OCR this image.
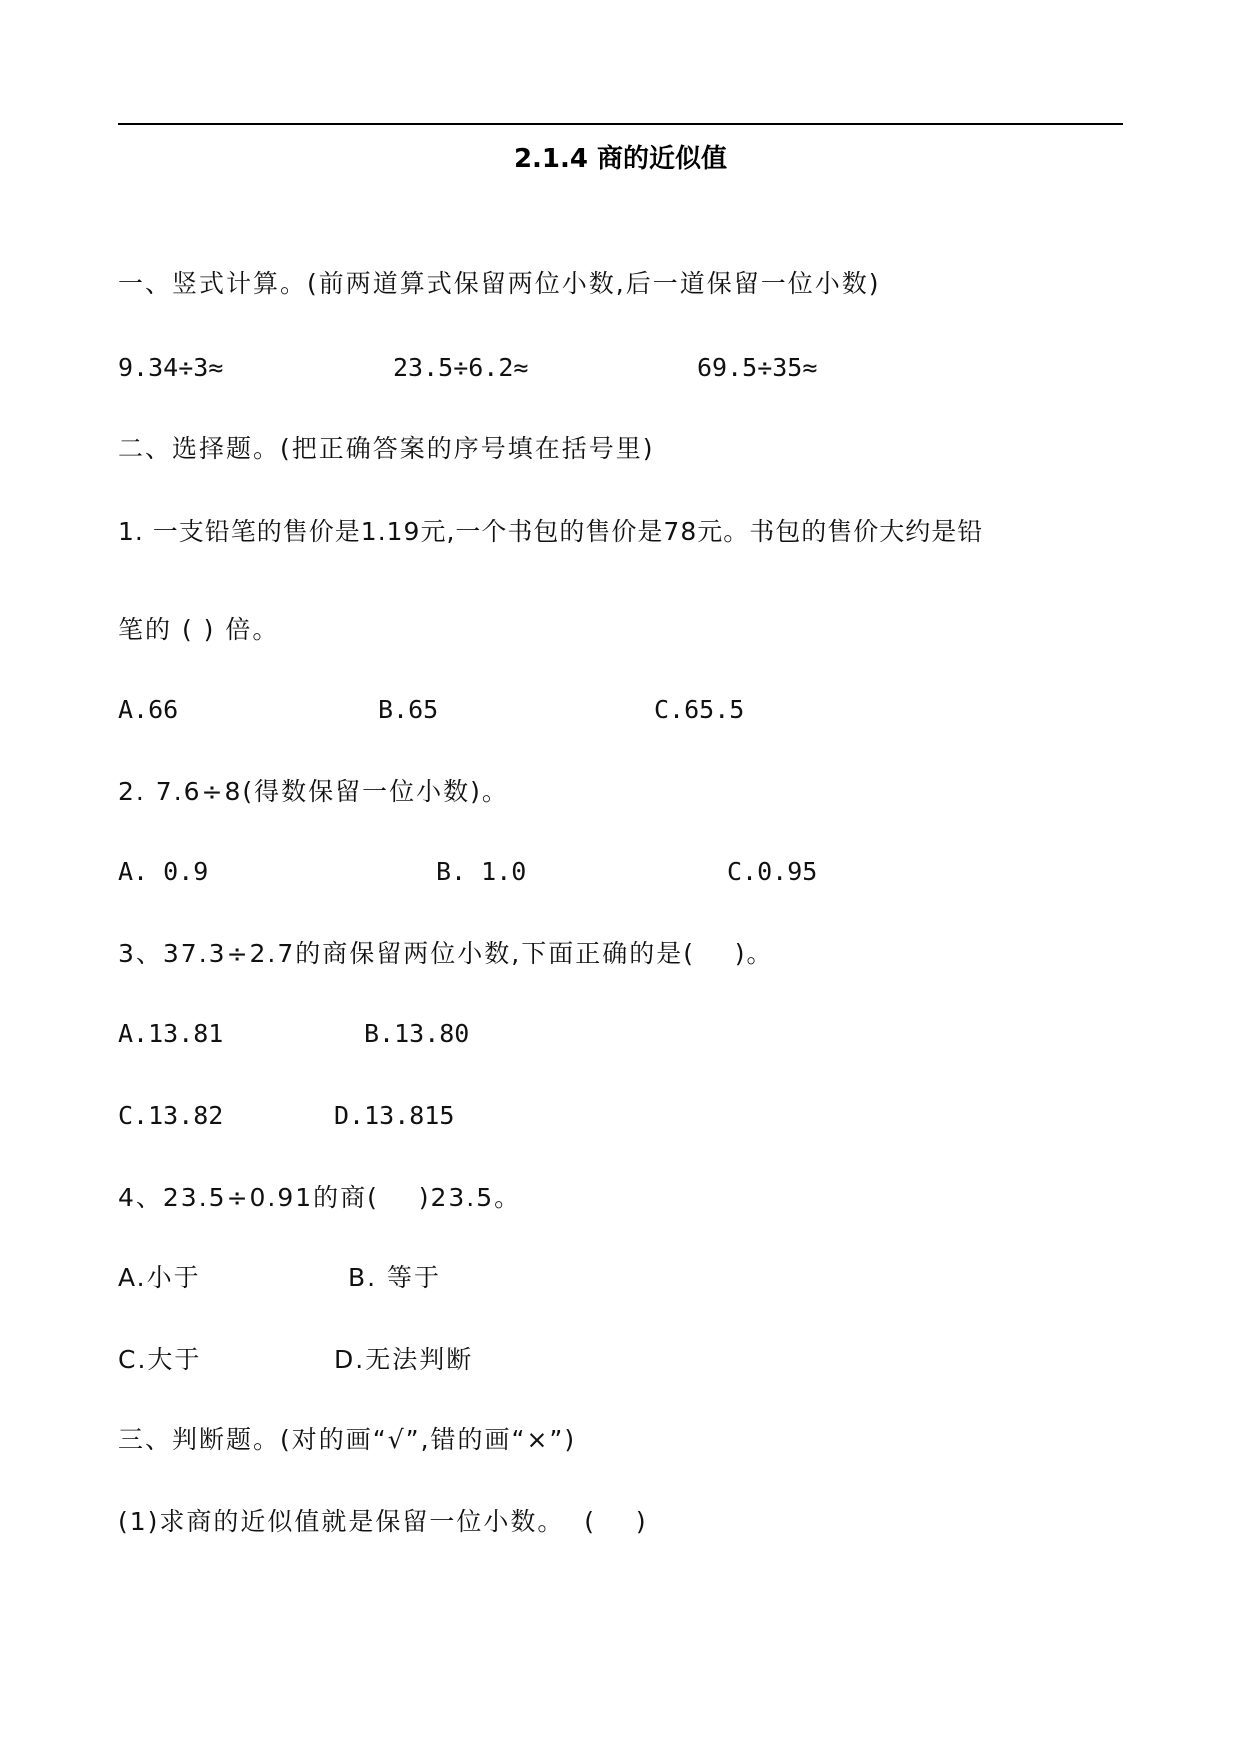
2.1.4 商的近似值
一、竖式计算。(前两道算式保留两位小数,后一道保留一位小数)
9.34÷3≈	23.5÷6.2≈	69.5÷35≈
二、选择题。(把正确答案的序号填在括号里)
1. 一支铅笔的售价是1.19元,一个书包的售价是78元。书包的售价大约是铅
笔的 ( ) 倍。
A.66	B.65	C.65.5
2. 7.6÷8(得数保留一位小数)。
A. 0.9	B. 1.0	C.0.95
3、37.3÷2.7的商保留两位小数,下面正确的是(    )。
A.13.81	B.13.80
C.13.82	D.13.815
4、23.5÷0.91的商(    )23.5。
A.小于	B. 等于
C.大于	D.无法判断
三、判断题。(对的画“√”,错的画“×”)
(1)求商的近似值就是保留一位小数。  (    )
